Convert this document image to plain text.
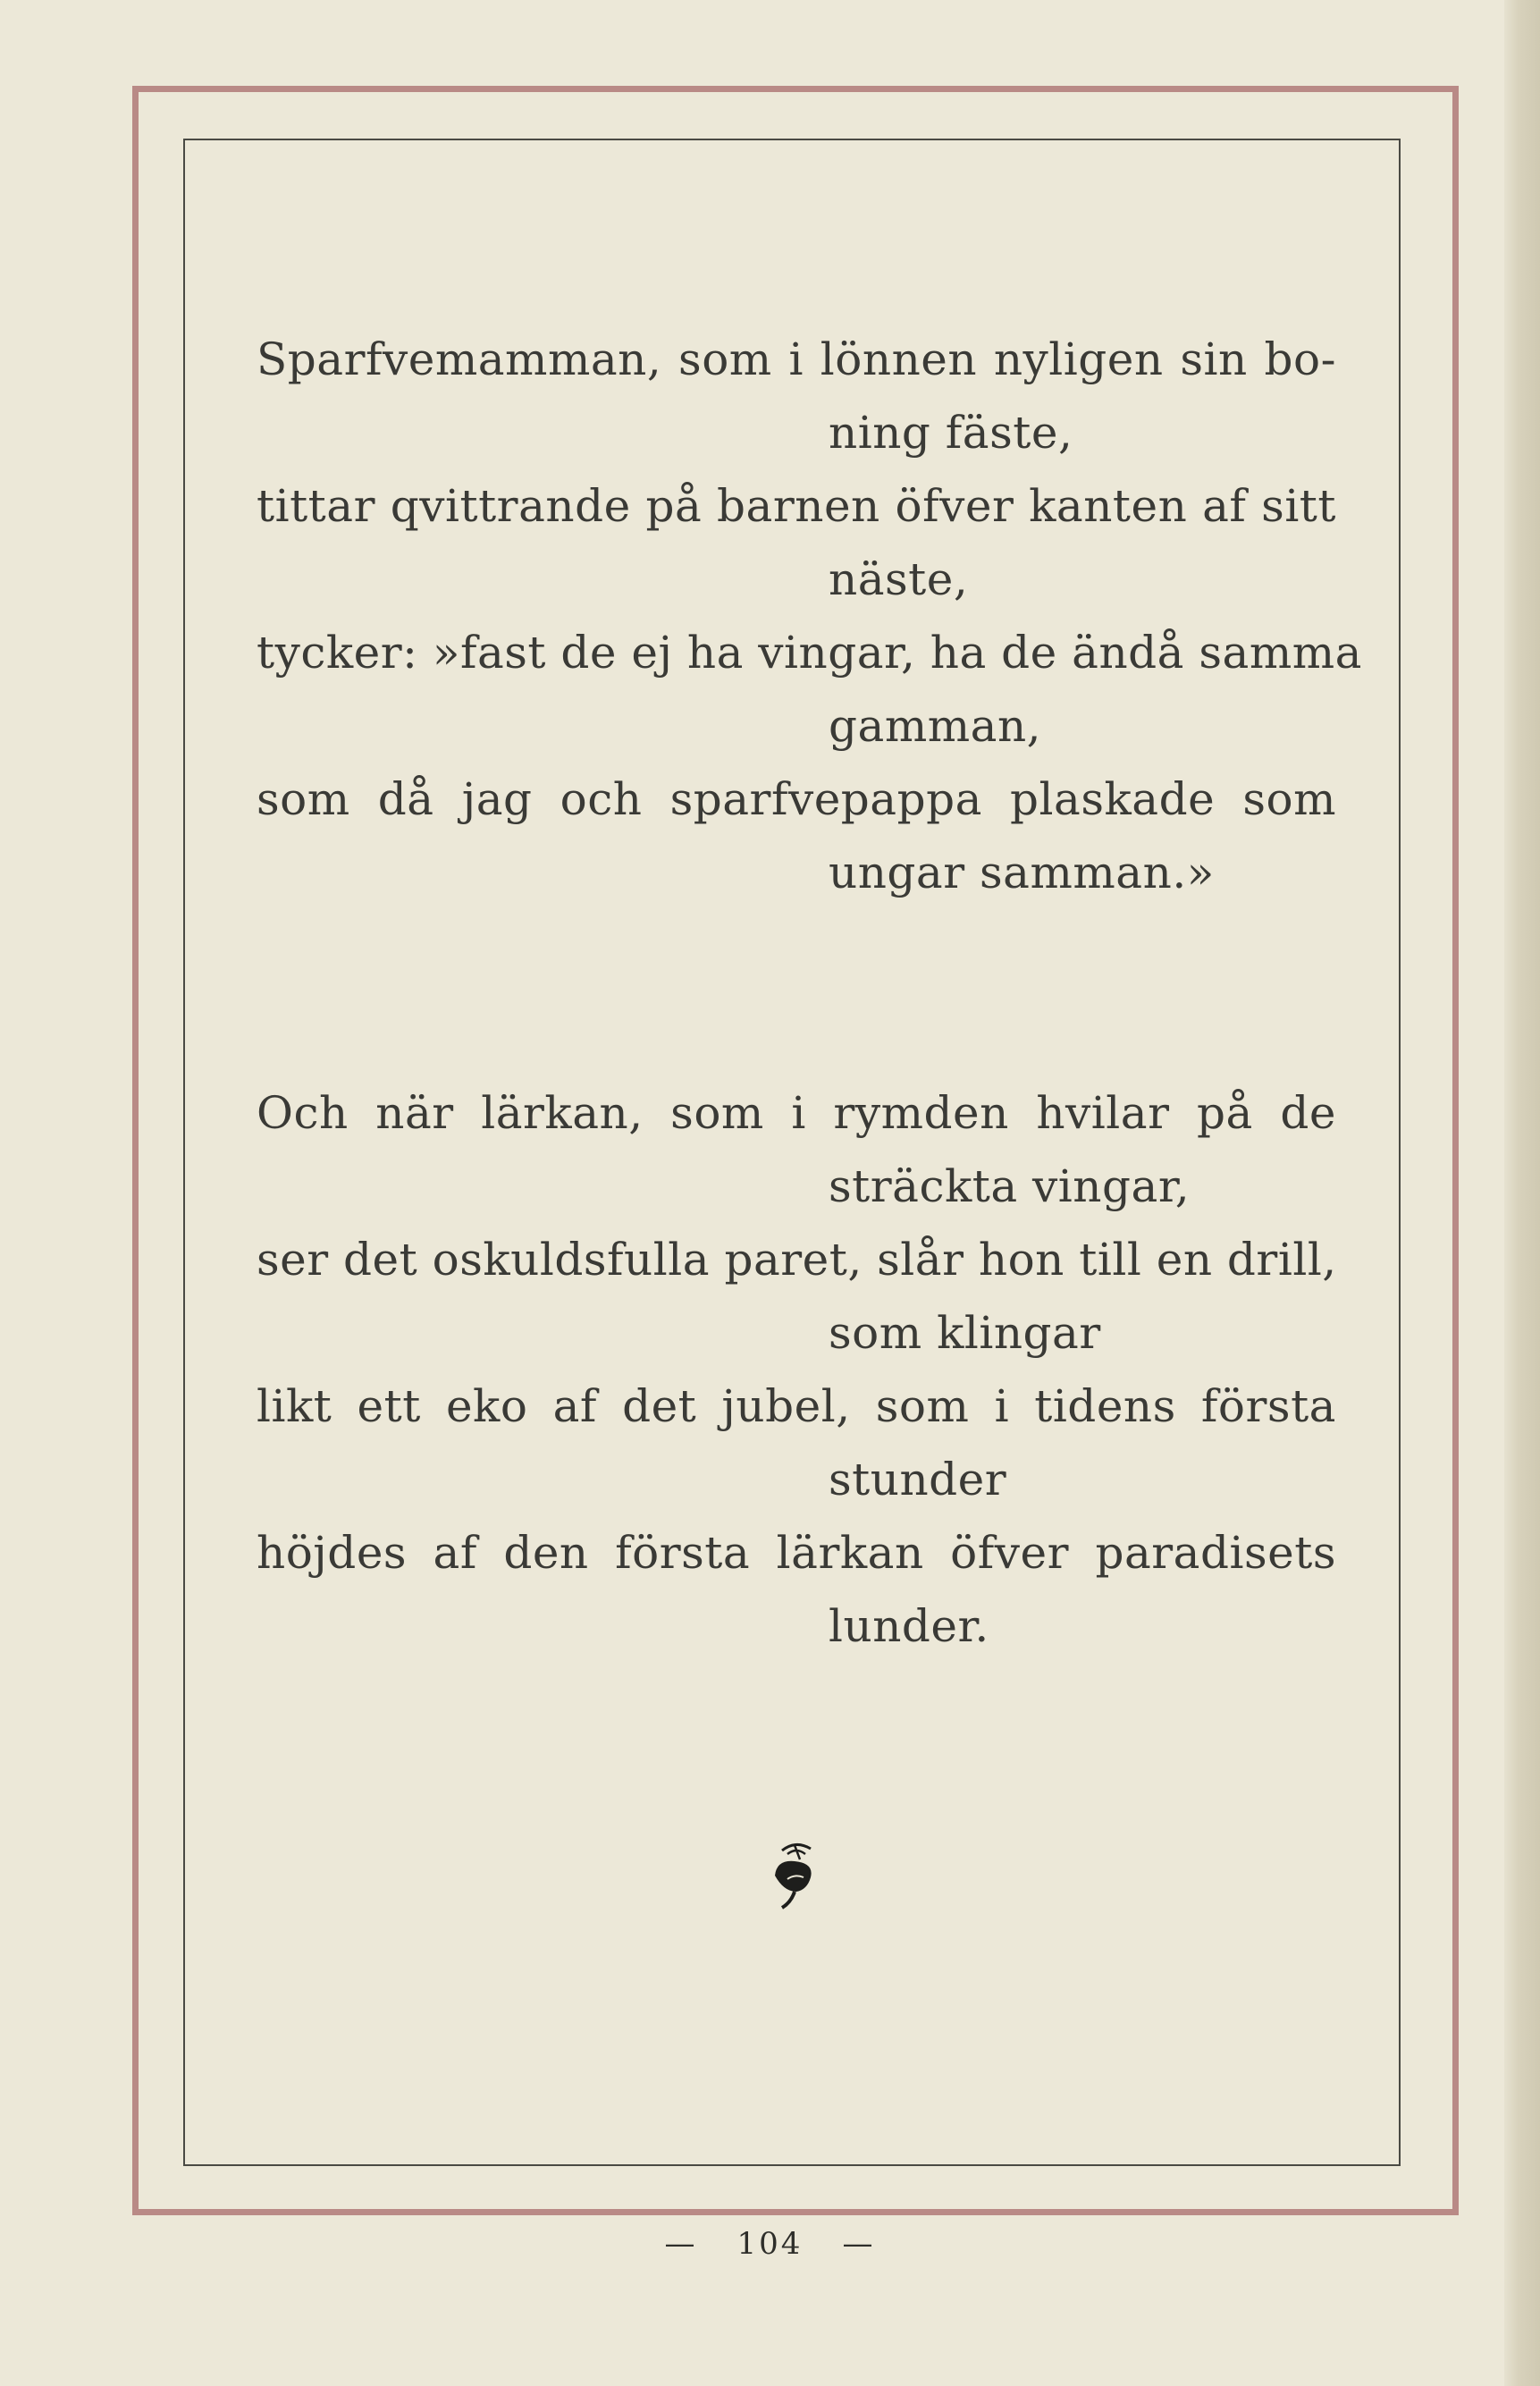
Sparfvemamman, som i lönnen nyligen sin bo-
ning fäste,
tittar qvittrande på barnen öfver kanten af sitt
näste,
tycker: »fast de ej ha vingar, ha de ändå samma
gamman,
som då jag och sparfvepappa plaskade som
ungar samman.»
Och när lärkan, som i rymden hvilar på de
sträckta vingar,
ser det oskuldsfulla paret, slår hon till en drill,
som klingar
likt ett eko af det jubel, som i tidens första
stunder
höjdes af den första lärkan öfver paradisets
lunder.
— 104 —
